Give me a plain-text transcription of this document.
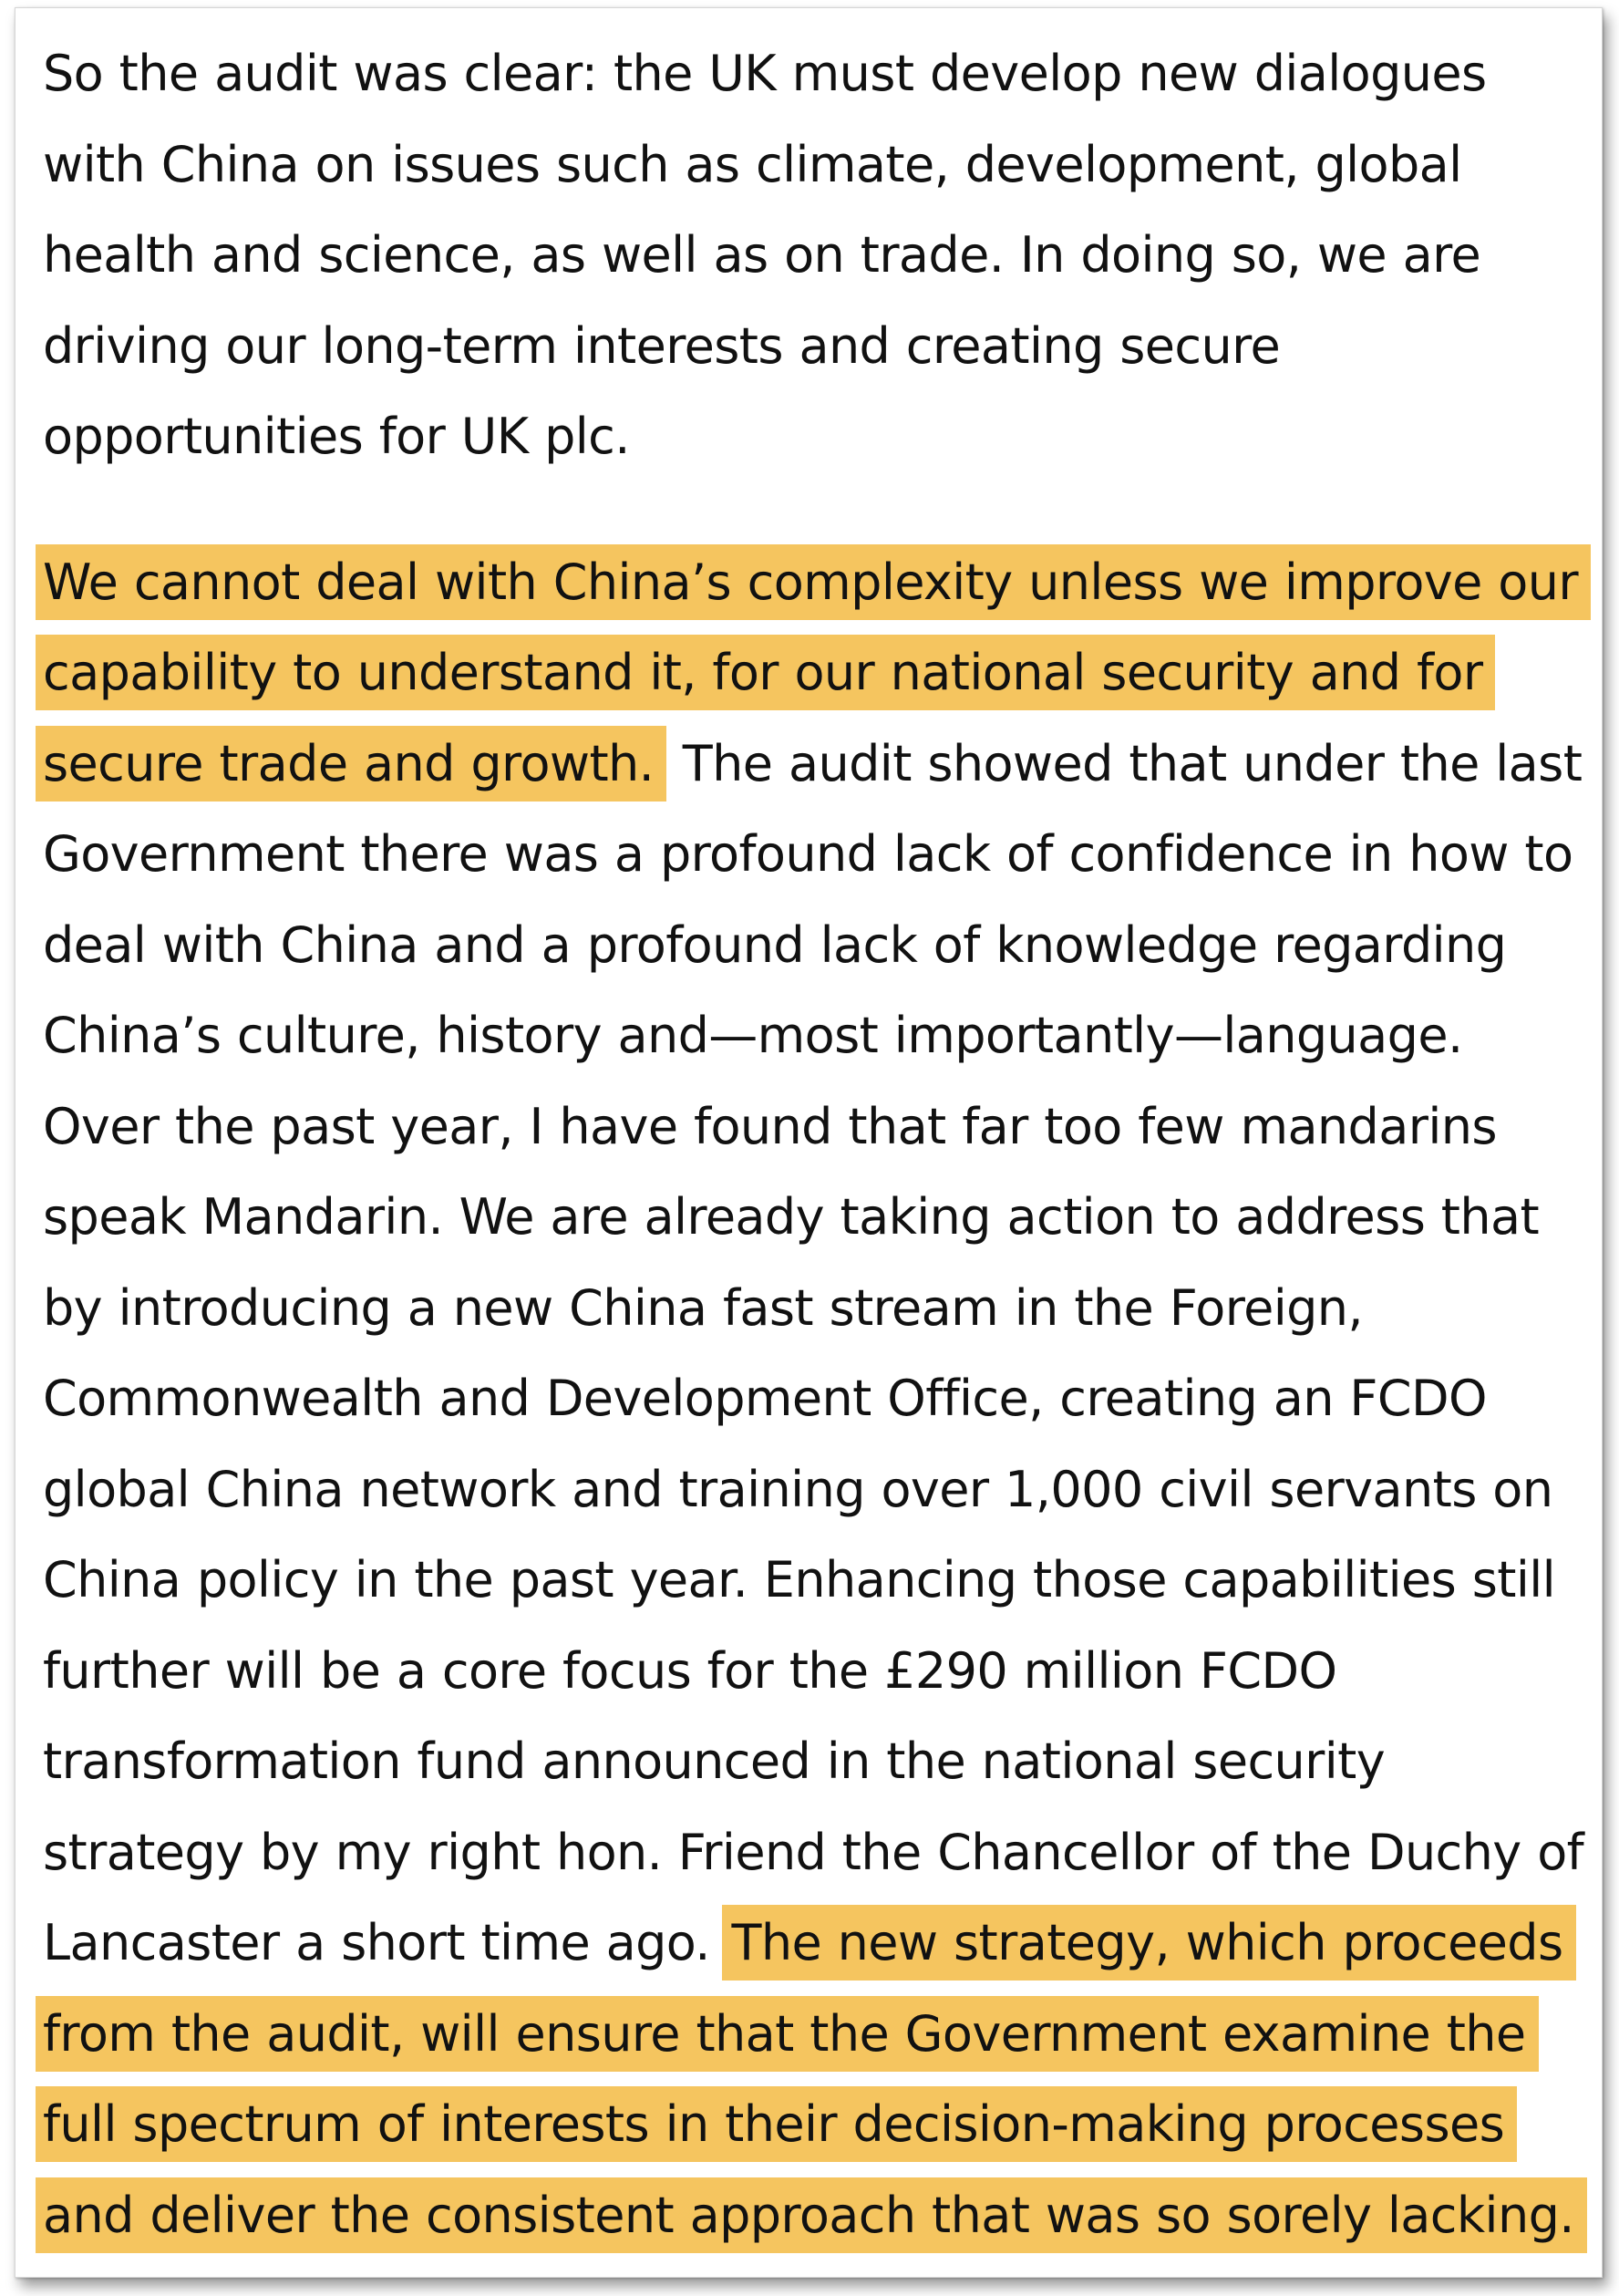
So the audit was clear: the UK must develop new dialogues
with China on issues such as climate, development, global
health and science, as well as on trade. In doing so, we are
driving our long-term interests and creating secure
opportunities for UK plc.

We cannot deal with China’s complexity unless we improve our
capability to understand it, for our national security and for
secure trade and growth. The audit showed that under the last
Government there was a profound lack of confidence in how to
deal with China and a profound lack of knowledge regarding
China’s culture, history and—most importantly—language.
Over the past year, I have found that far too few mandarins
speak Mandarin. We are already taking action to address that
by introducing a new China fast stream in the Foreign,
Commonwealth and Development Office, creating an FCDO
global China network and training over 1,000 civil servants on
China policy in the past year. Enhancing those capabilities still
further will be a core focus for the £290 million FCDO
transformation fund announced in the national security
strategy by my right hon. Friend the Chancellor of the Duchy of
Lancaster a short time ago. The new strategy, which proceeds
from the audit, will ensure that the Government examine the
full spectrum of interests in their decision-making processes
and deliver the consistent approach that was so sorely lacking.
